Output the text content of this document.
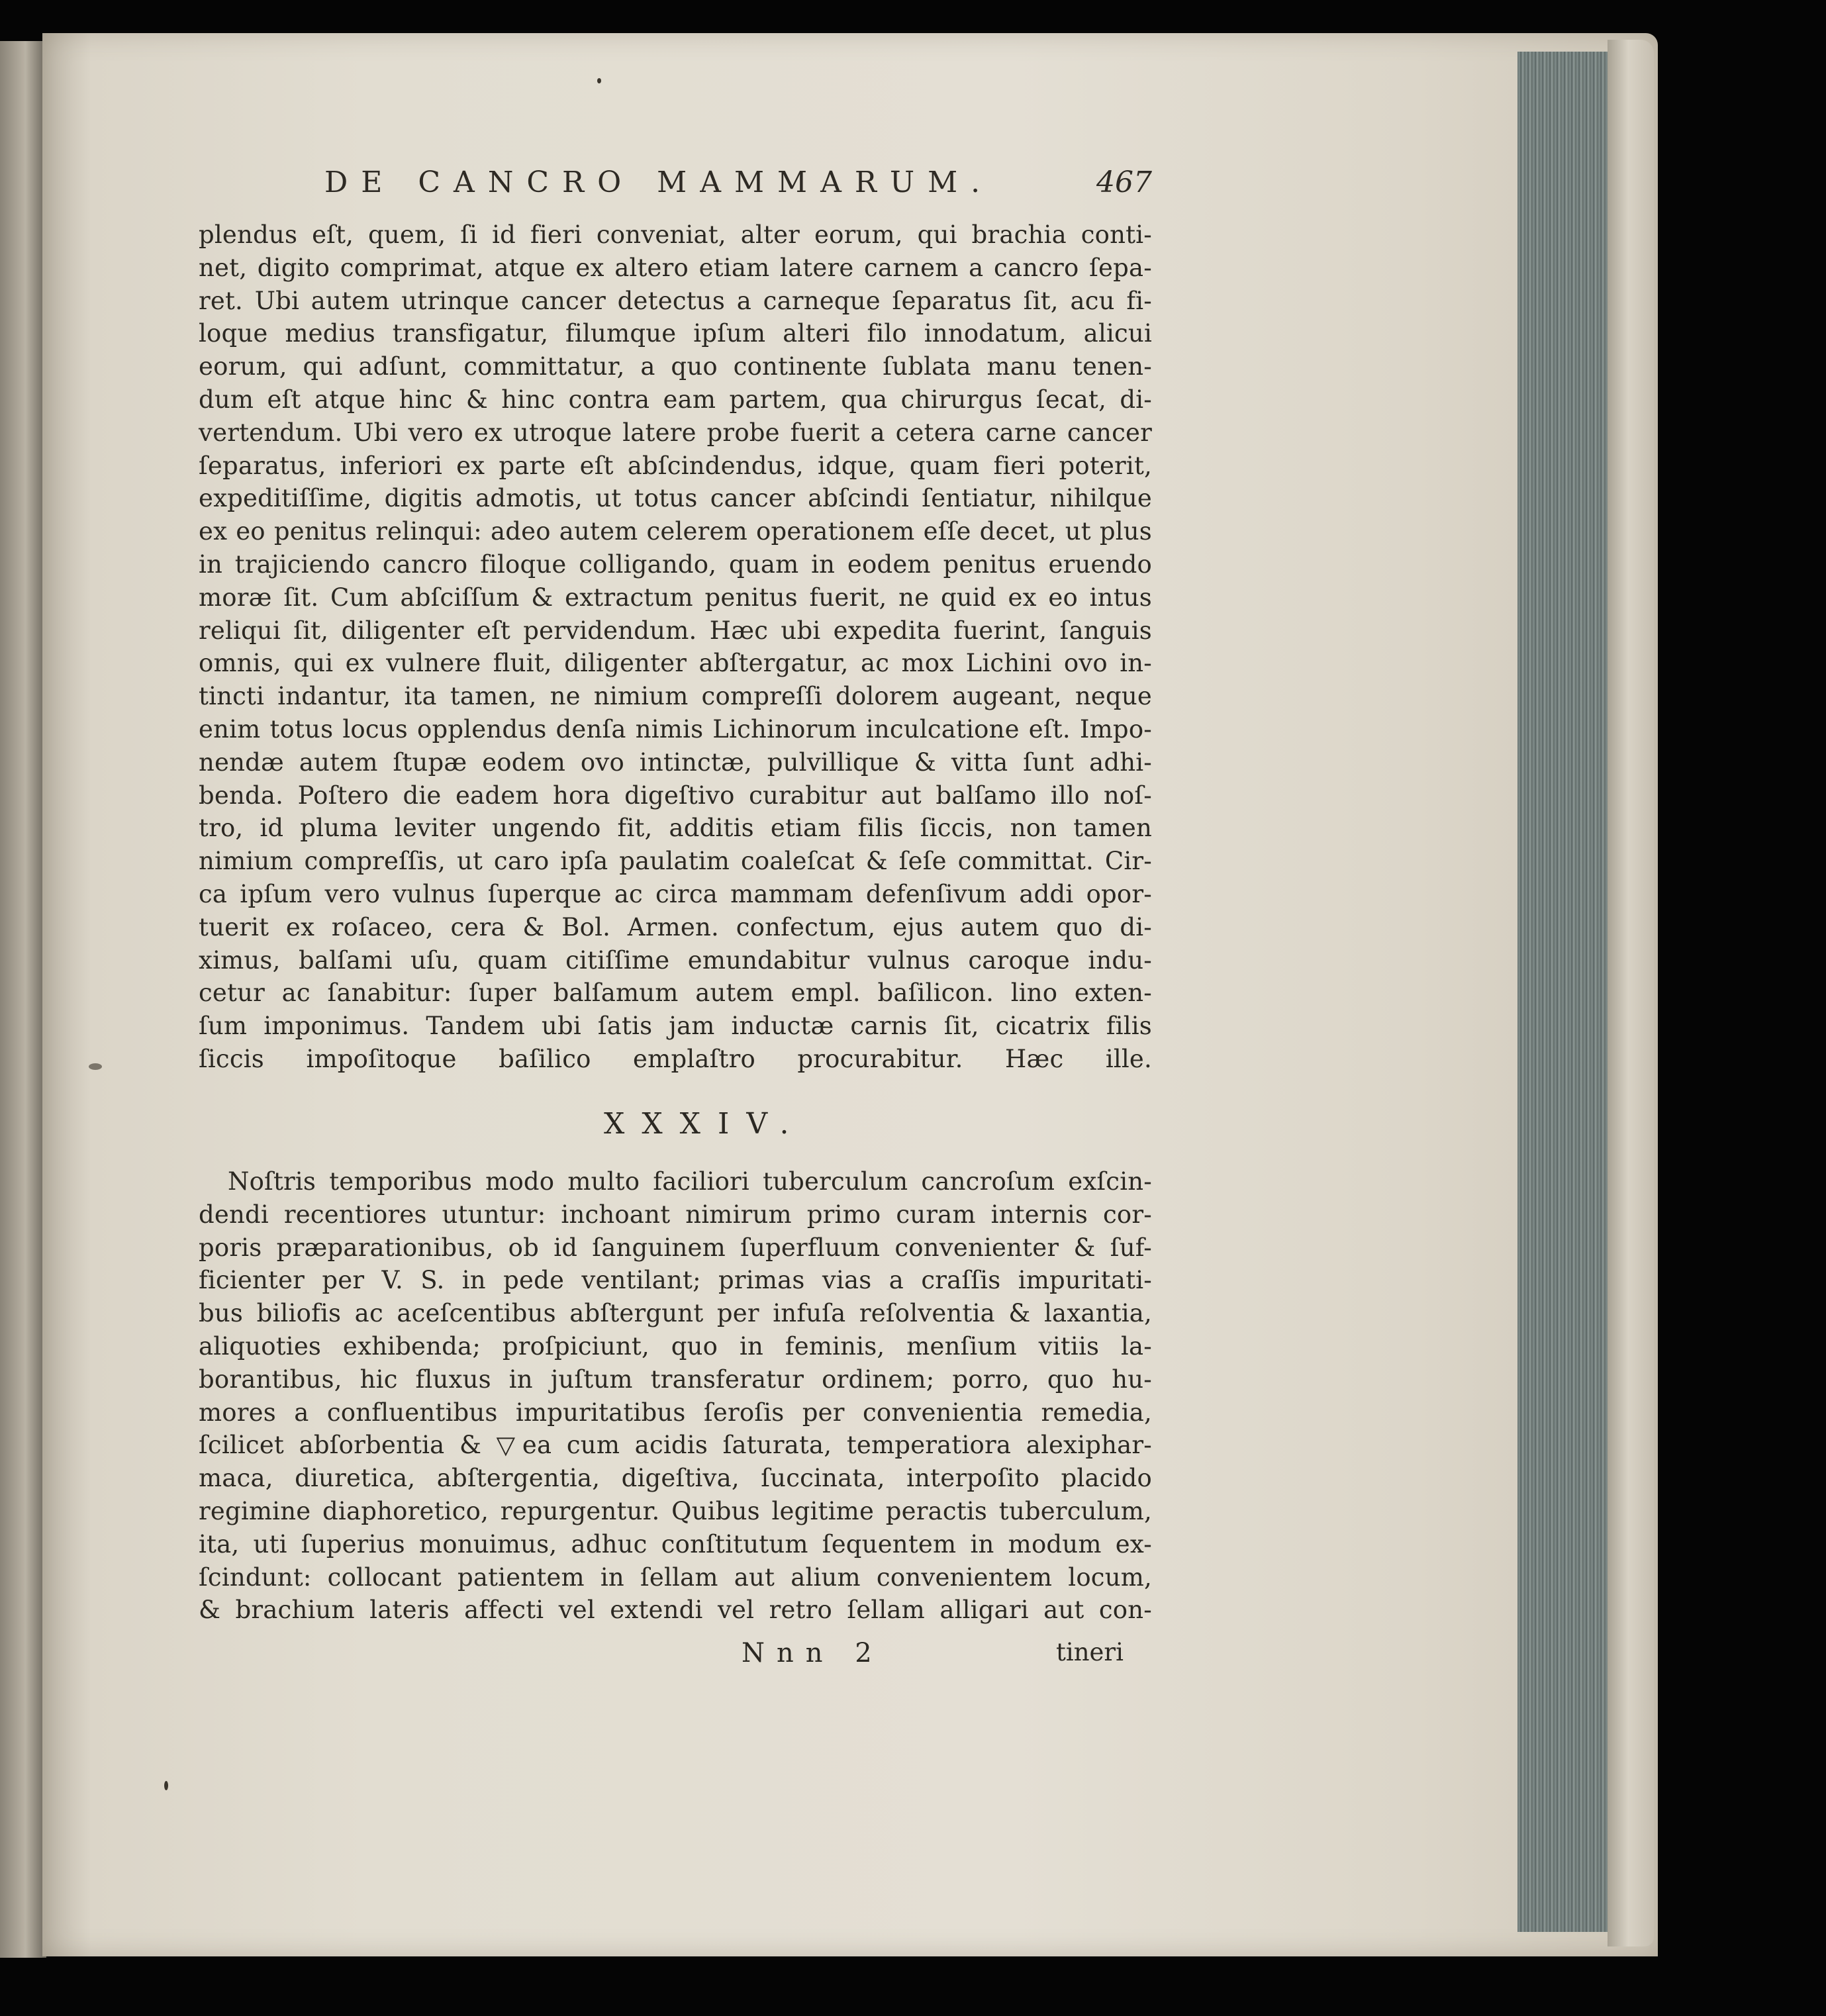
DE CANCRO MAMMARUM.	467
plendus eſt, quem, ſi id fieri conveniat, alter eorum, qui brachia conti-
net, digito comprimat, atque ex altero etiam latere carnem a cancro ſepa-
ret. Ubi autem utrinque cancer detectus a carneque ſeparatus ſit, acu fi-
loque medius transfigatur, filumque ipſum alteri filo innodatum, alicui
eorum, qui adſunt, committatur, a quo continente ſublata manu tenen-
dum eſt atque hinc & hinc contra eam partem, qua chirurgus ſecat, di-
vertendum. Ubi vero ex utroque latere probe fuerit a cetera carne cancer
ſeparatus, inferiori ex parte eſt abſcindendus, idque, quam fieri poterit,
expeditiſſime, digitis admotis, ut totus cancer abſcindi ſentiatur, nihilque
ex eo penitus relinqui: adeo autem celerem operationem eſſe decet, ut plus
in trajiciendo cancro filoque colligando, quam in eodem penitus eruendo
moræ ſit. Cum abſciſſum & extractum penitus fuerit, ne quid ex eo intus
reliqui ſit, diligenter eſt pervidendum. Hæc ubi expedita fuerint, ſanguis
omnis, qui ex vulnere fluit, diligenter abſtergatur, ac mox Lichini ovo in-
tincti indantur, ita tamen, ne nimium compreſſi dolorem augeant, neque
enim totus locus opplendus denſa nimis Lichinorum inculcatione eſt. Impo-
nendæ autem ſtupæ eodem ovo intinctæ, pulvillique & vitta ſunt adhi-
benda. Poſtero die eadem hora digeſtivo curabitur aut balſamo illo noſ-
tro, id pluma leviter ungendo fit, additis etiam filis ſiccis, non tamen
nimium compreſſis, ut caro ipſa paulatim coaleſcat & ſeſe committat. Cir-
ca ipſum vero vulnus ſuperque ac circa mammam defenſivum addi opor-
tuerit ex roſaceo, cera & Bol. Armen. confectum, ejus autem quo di-
ximus, balſami uſu, quam citiſſime emundabitur vulnus caroque indu-
cetur ac ſanabitur: ſuper balſamum autem empl. baſilicon. lino exten-
ſum imponimus. Tandem ubi ſatis jam inductæ carnis ſit, cicatrix filis
ſiccis impoſitoque baſilico emplaſtro procurabitur. Hæc ille.
XXXIV.
Noſtris temporibus modo multo faciliori tuberculum cancroſum exſcin-
dendi recentiores utuntur: inchoant nimirum primo curam internis cor-
poris præparationibus, ob id ſanguinem ſuperfluum convenienter & ſuf-
ficienter per V. S. in pede ventilant; primas vias a craſſis impuritati-
bus biliofis ac aceſcentibus abſtergunt per infuſa reſolventia & laxantia,
aliquoties exhibenda; proſpiciunt, quo in feminis, menſium vitiis la-
borantibus, hic fluxus in juſtum transferatur ordinem; porro, quo hu-
mores a confluentibus impuritatibus ſeroſis per convenientia remedia,
ſcilicet abſorbentia & ▽ea cum acidis ſaturata, temperatiora alexiphar-
maca, diuretica, abſtergentia, digeſtiva, ſuccinata, interpoſito placido
regimine diaphoretico, repurgentur. Quibus legitime peractis tuberculum,
ita, uti ſuperius monuimus, adhuc conſtitutum ſequentem in modum ex-
ſcindunt: collocant patientem in ſellam aut alium convenientem locum,
& brachium lateris affecti vel extendi vel retro ſellam alligari aut con-
Nnn 2	tineri
